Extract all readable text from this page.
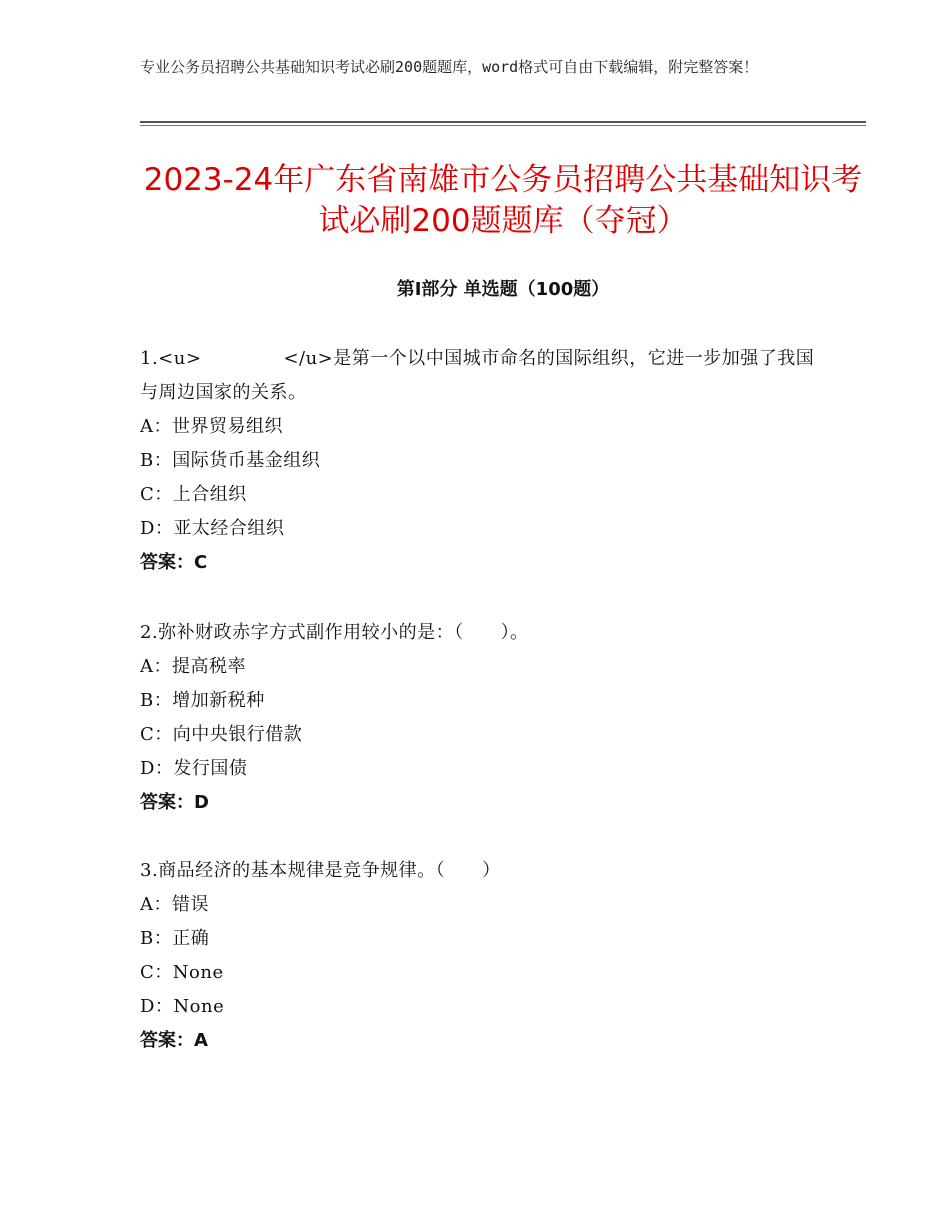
专业公务员招聘公共基础知识考试必刷200题题库，word格式可自由下载编辑，附完整答案！
2023-24年广东省南雄市公务员招聘公共基础知识考试必刷200题题库（夺冠）
第Ⅰ部分 单选题（100题）
1.<u>	</u>是第一个以中国城市命名的国际组织，它进一步加强了我国与周边国家的关系。
A：世界贸易组织
B：国际货币基金组织
C：上合组织
D：亚太经合组织
答案：C
2.弥补财政赤字方式副作用较小的是：（　　）。
A：提高税率
B：增加新税种
C：向中央银行借款
D：发行国债
答案：D
3.商品经济的基本规律是竞争规律。（　　）
A：错误
B：正确
C：None
D：None
答案：A
